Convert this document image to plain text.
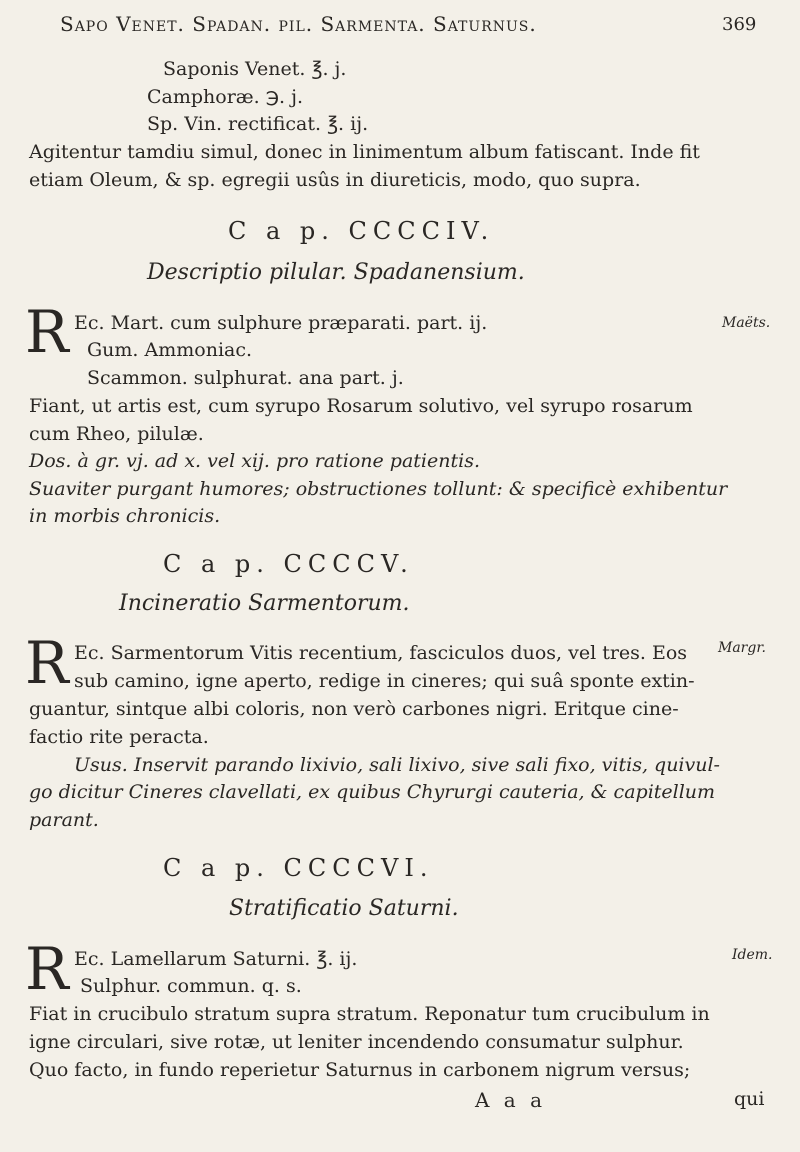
Sapo Venet. Spadan. pil. Sarmenta. Saturnus.	369
Saponis Venet. ℥. j.
Camphoræ. ℈. j.
Sp. Vin. rectificat. ℥. ij.
Agitentur tamdiu simul, donec in linimentum album fatiscant. Inde fit
etiam Oleum, & sp. egregii usûs in diureticis, modo, quo supra.
C a p. CCCCIV.
Descriptio pilular. Spadanensium.
R	Maëts.
Ec. Mart. cum sulphure præparati. part. ij.
Gum. Ammoniac.
Scammon. sulphurat. ana part. j.
Fiant, ut artis est, cum syrupo Rosarum solutivo, vel syrupo rosarum
cum Rheo, pilulæ.
Dos. à gr. vj. ad x. vel xij. pro ratione patientis.
Suaviter purgant humores; obstructiones tollunt: & specificè exhibentur
in morbis chronicis.
C a p. CCCCV.
Incineratio Sarmentorum.
R	Margr.
Ec. Sarmentorum Vitis recentium, fasciculos duos, vel tres. Eos
sub camino, igne aperto, redige in cineres; qui suâ sponte extin-
guantur, sintque albi coloris, non verò carbones nigri. Eritque cine-
factio rite peracta.
Usus. Inservit parando lixivio, sali lixivo, sive sali fixo, vitis, quivul-
go dicitur Cineres clavellati, ex quibus Chyrurgi cauteria, & capitellum
parant.
C a p. CCCCVI.
Stratificatio Saturni.
R	Idem.
Ec. Lamellarum Saturni. ℥. ij.
Sulphur. commun. q. s.
Fiat in crucibulo stratum supra stratum. Reponatur tum crucibulum in
igne circulari, sive rotæ, ut leniter incendendo consumatur sulphur.
Quo facto, in fundo reperietur Saturnus in carbonem nigrum versus;
A a a	qui
